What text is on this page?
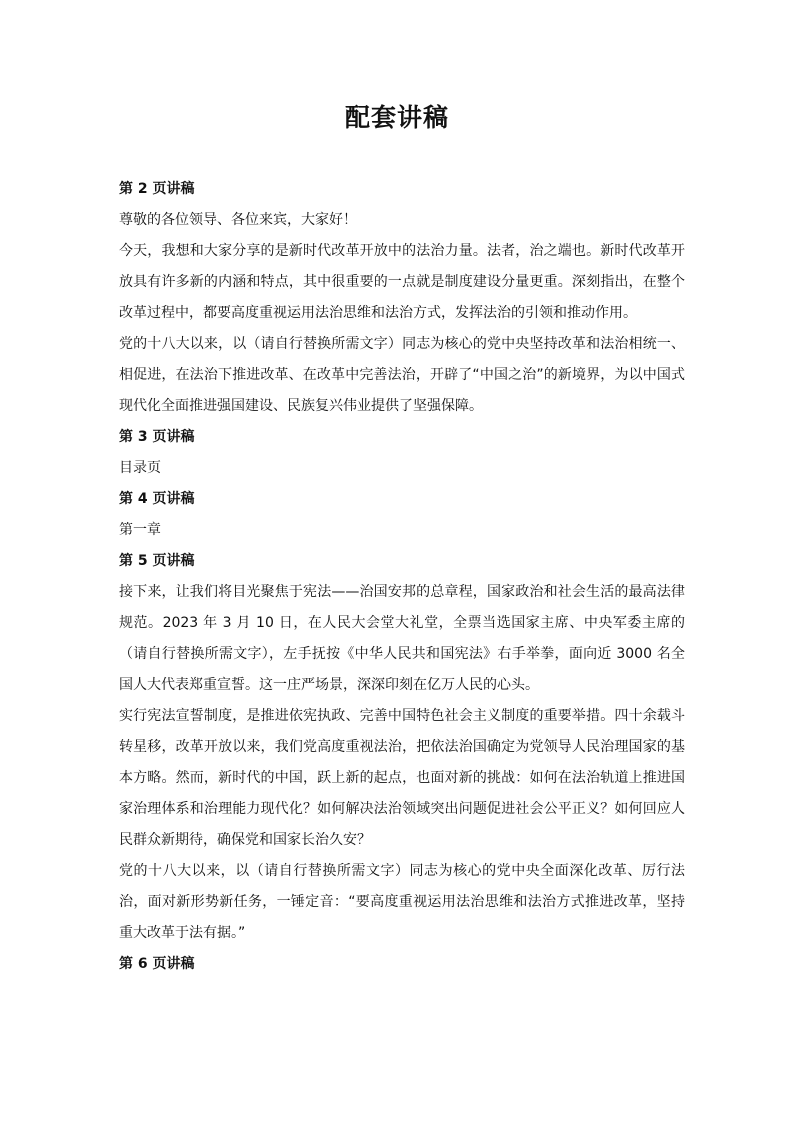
配套讲稿

第 2 页讲稿

尊敬的各位领导、各位来宾，大家好！

今天，我想和大家分享的是新时代改革开放中的法治力量。法者，治之端也。新时代改革开放具有许多新的内涵和特点，其中很重要的一点就是制度建设分量更重。深刻指出，在整个改革过程中，都要高度重视运用法治思维和法治方式，发挥法治的引领和推动作用。

党的十八大以来，以（请自行替换所需文字）同志为核心的党中央坚持改革和法治相统一、相促进，在法治下推进改革、在改革中完善法治，开辟了“中国之治”的新境界，为以中国式现代化全面推进强国建设、民族复兴伟业提供了坚强保障。

第 3 页讲稿

目录页

第 4 页讲稿

第一章

第 5 页讲稿

接下来，让我们将目光聚焦于宪法——治国安邦的总章程，国家政治和社会生活的最高法律规范。2023 年 3 月 10 日，在人民大会堂大礼堂，全票当选国家主席、中央军委主席的（请自行替换所需文字），左手抚按《中华人民共和国宪法》右手举拳，面向近 3000 名全国人大代表郑重宣誓。这一庄严场景，深深印刻在亿万人民的心头。

实行宪法宣誓制度，是推进依宪执政、完善中国特色社会主义制度的重要举措。四十余载斗转星移，改革开放以来，我们党高度重视法治，把依法治国确定为党领导人民治理国家的基本方略。然而，新时代的中国，跃上新的起点，也面对新的挑战：如何在法治轨道上推进国家治理体系和治理能力现代化？如何解决法治领域突出问题促进社会公平正义？如何回应人民群众新期待，确保党和国家长治久安？

党的十八大以来，以（请自行替换所需文字）同志为核心的党中央全面深化改革、厉行法治，面对新形势新任务，一锤定音：“要高度重视运用法治思维和法治方式推进改革，坚持重大改革于法有据。”

第 6 页讲稿
